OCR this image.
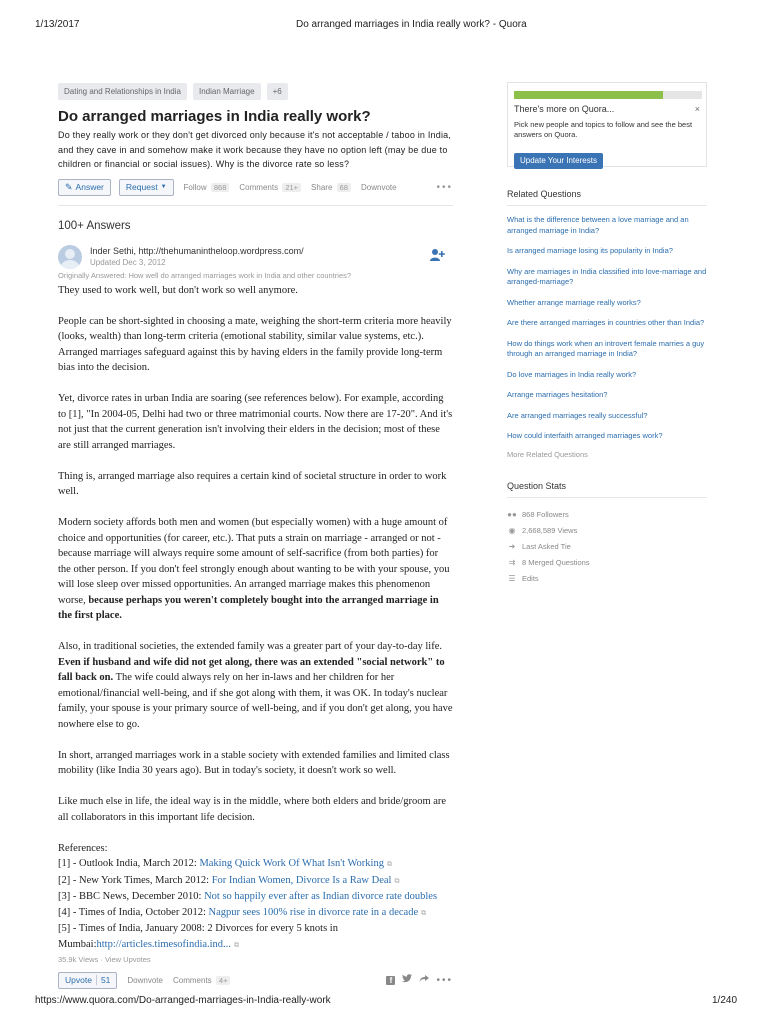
1/13/2017	Do arranged marriages in India really work? - Quora
Dating and Relationships in India	Indian Marriage	+6
Do arranged marriages in India really work?

Do they really work or they don't get divorced only because it's not acceptable / taboo in India, and they cave in and somehow make it work because they have no option left (may be due to children or financial or social issues). Why is the divorce rate so less?

✎ Answer	Request ▼ Follow 868	Comments 21+	Share 68	Downvote	•••
100+ Answers
Inder Sethi, http://thehumanintheloop.wordpress.com/
Updated Dec 3, 2012
Originally Answered: How well do arranged marriages work in India and other countries?

They used to work well, but don't work so well anymore.

People can be short-sighted in choosing a mate, weighing the short-term criteria more heavily (looks, wealth) than long-term criteria (emotional stability, similar value systems, etc.). Arranged marriages safeguard against this by having elders in the family provide long-term bias into the decision.

Yet, divorce rates in urban India are soaring (see references below). For example, according to [1], "In 2004-05, Delhi had two or three matrimonial courts. Now there are 17-20". And it's not just that the current generation isn't involving their elders in the decision; most of these are still arranged marriages.

Thing is, arranged marriage also requires a certain kind of societal structure in order to work well.

Modern society affords both men and women (but especially women) with a huge amount of choice and opportunities (for career, etc.). That puts a strain on marriage - arranged or not - because marriage will always require some amount of self-sacrifice (from both parties) for the other person. If you don't feel strongly enough about wanting to be with your spouse, you will lose sleep over missed opportunities. An arranged marriage makes this phenomenon worse, because perhaps you weren't completely bought into the arranged marriage in the first place.

Also, in traditional societies, the extended family was a greater part of your day-to-day life. Even if husband and wife did not get along, there was an extended "social network" to fall back on. The wife could always rely on her in-laws and her children for her emotional/financial well-being, and if she got along with them, it was OK. In today's nuclear family, your spouse is your primary source of well-being, and if you don't get along, you have nowhere else to go.

In short, arranged marriages work in a stable society with extended families and limited class mobility (like India 30 years ago). But in today's society, it doesn't work so well.

Like much else in life, the ideal way is in the middle, where both elders and bride/groom are all collaborators in this important life decision.

References:

[1] - Outlook India, March 2012: Making Quick Work Of What Isn't Working ⧉

[2] - New York Times, March 2012: For Indian Women, Divorce Is a Raw Deal ⧉

[3] - BBC News, December 2010: Not so happily ever after as Indian divorce rate doubles

[4] - Times of India, October 2012: Nagpur sees 100% rise in divorce rate in a decade ⧉

[5] - Times of India, January 2008: 2 Divorces for every 5 knots in Mumbai:http://articles.timesofindia.ind... ⧉

35.9k Views · View Upvotes
Upvote 51	Downvote Comments 4+	f	•••
There's more on Quora...	×

Pick new people and topics to follow and see the best answers on Quora.

Update Your Interests
Related Questions
What is the difference between a love marriage and an arranged marriage in India?
Is arranged marriage losing its popularity in India?
Why are marriages in India classified into love-marriage and arranged-marriage?
Whether arrange marriage really works?
Are there arranged marriages in countries other than India?
How do things work when an introvert female marries a guy through an arranged marriage in India?
Do love marriages in India really work?
Arrange marriages hesitation?
Are arranged marriages really successful?
How could interfaith arranged marriages work?
More Related Questions
Question Stats
●● 868 Followers
◉ 2,668,589 Views
➜ Last Asked Tie
⇉ 8 Merged Questions
☰ Edits
https://www.quora.com/Do-arranged-marriages-in-India-really-work	1/240
